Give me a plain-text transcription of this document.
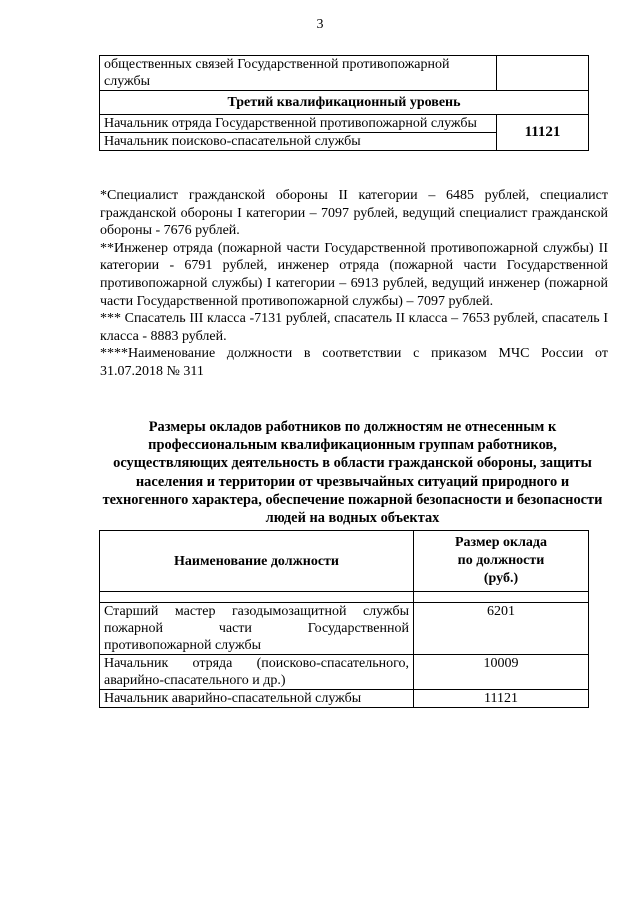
3
общественных связей Государственной противопожарной службы	
Третий квалификационный уровень	
Начальник отряда Государственной противопожарной службы	11121
Начальник поисково-спасательной службы	

*Специалист гражданской обороны II категории – 6485 рублей, специалист гражданской обороны I категории – 7097 рублей, ведущий специалист гражданской обороны - 7676 рублей.

**Инженер отряда (пожарной части Государственной противопожарной службы) II категории - 6791 рублей, инженер отряда (пожарной части Государственной противопожарной службы) I категории – 6913 рублей, ведущий инженер (пожарной части Государственной противопожарной службы) – 7097 рублей.

*** Спасатель III класса -7131 рублей, спасатель II класса – 7653 рублей, спасатель I класса - 8883 рублей.

****Наименование должности в соответствии с приказом МЧС России от 31.07.2018 № 311

Размеры окладов работников по должностям не отнесенным к профессиональным квалификационным группам работников, осуществляющих деятельность в области гражданской обороны, защиты населения и территории от чрезвычайных ситуаций природного и техногенного характера, обеспечение пожарной безопасности и безопасности людей на водных объектах
Наименование должности	Размер оклада
по должности
(руб.)

Старший мастер газодымозащитной службы пожарной части Государственной противопожарной службы	6201
Начальник отряда (поисково-спасательного, аварийно-спасательного и др.)	10009
Начальник аварийно-спасательной службы	11121
